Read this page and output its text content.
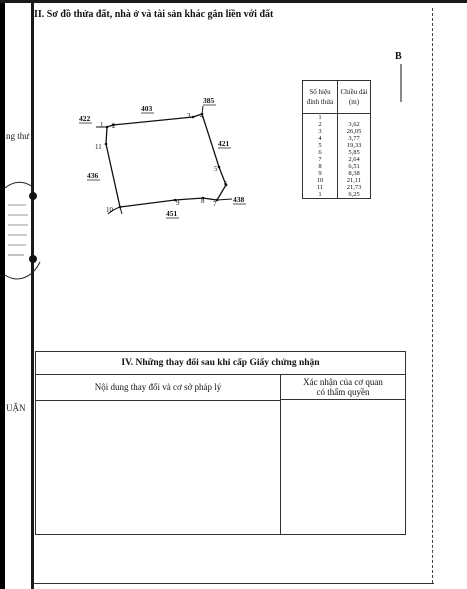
II. Sơ đồ thửa đất, nhà ở và tài sản khác gắn liền với đất
ng thư
UẬN
B
1 2
3 4
5
6
7
8
9
10
11
422
403
385
421
436
438
451
Số hiệu đỉnh thửa	Chiều dài (m)
1	
2	3,62
3	26,05
4	3,77
5	19,33
6	5,85
7	2,64
8	6,51
9	8,38
10	21,11
11	21,73
1	6,25
IV. Những thay đổi sau khi cấp Giấy chứng nhận
Nội dung thay đổi và cơ sở pháp lý	Xác nhận của cơ quan
có thẩm quyền
